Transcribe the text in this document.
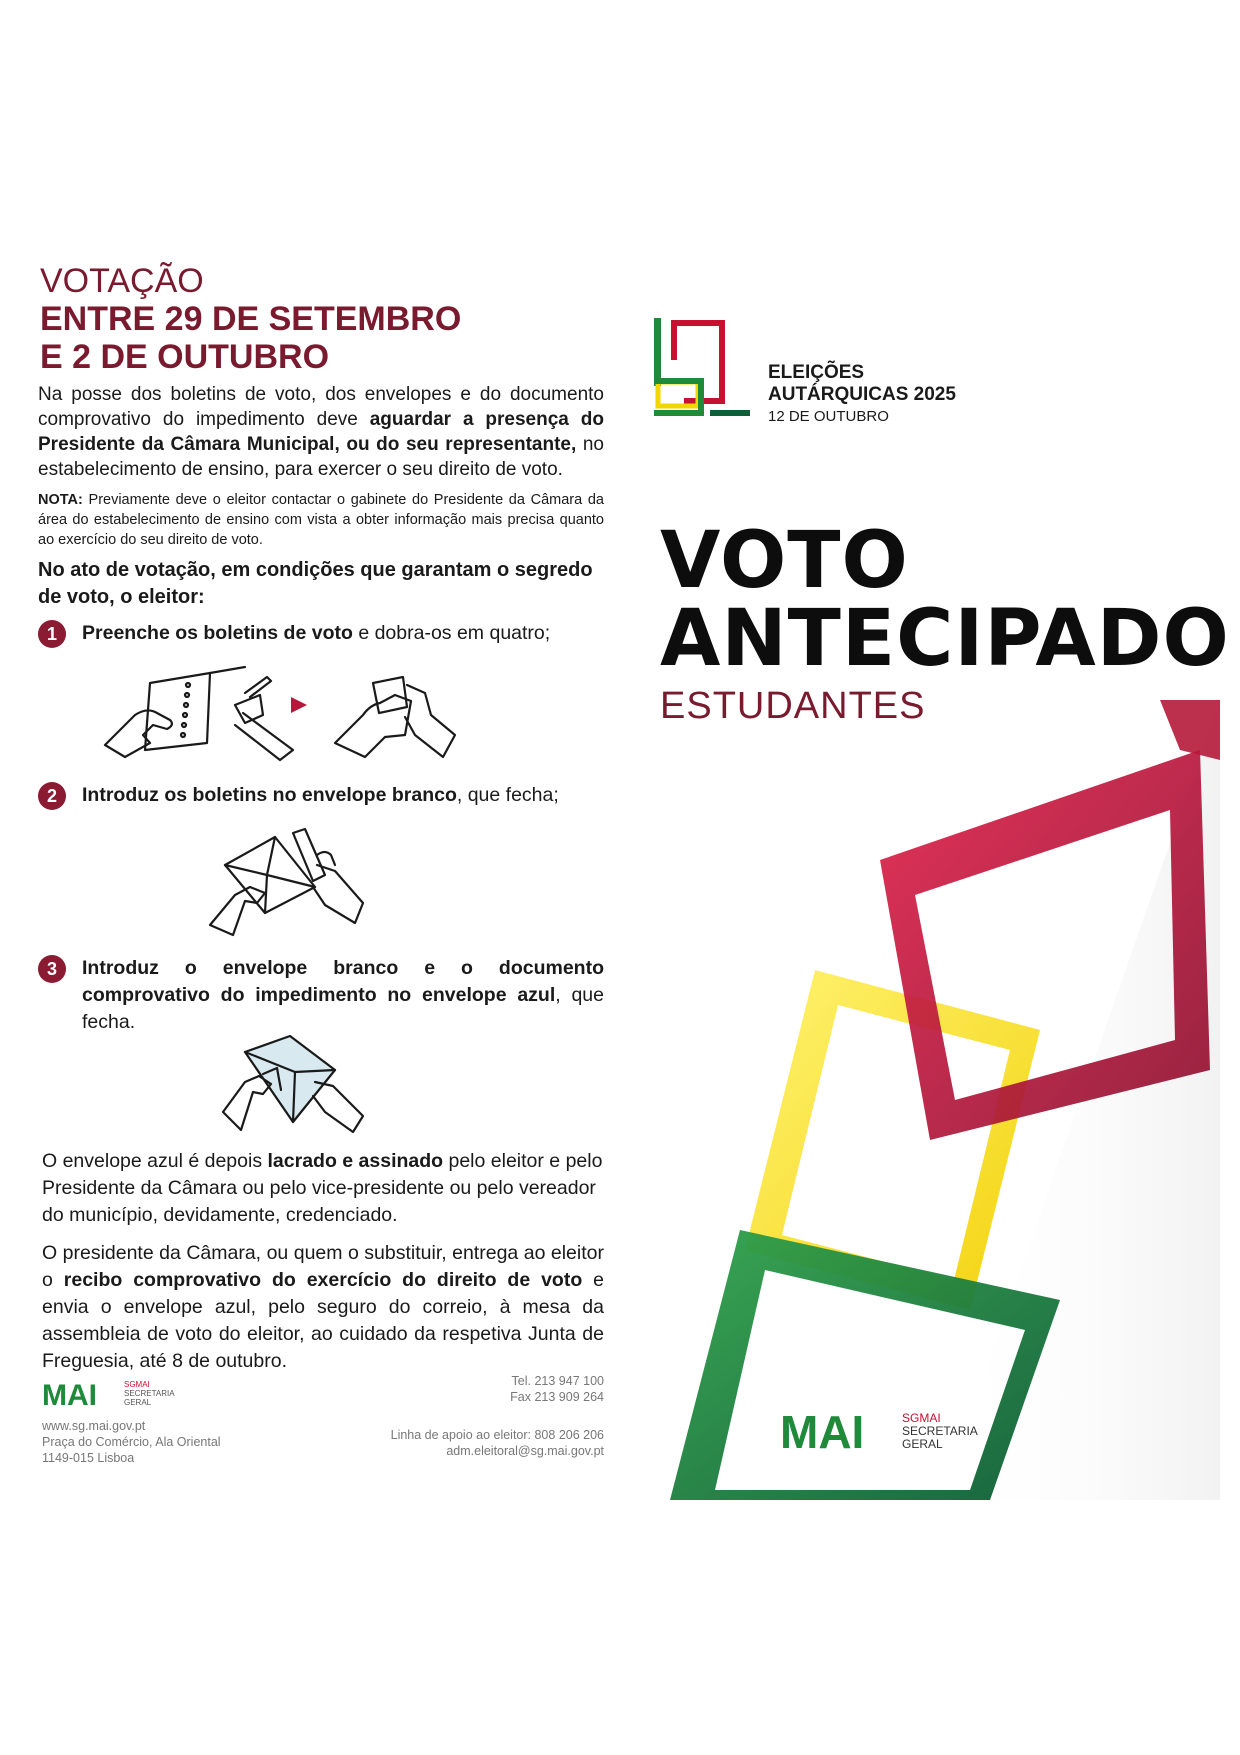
VOTAÇÃO
ENTRE 29 DE SETEMBRO
E 2 DE OUTUBRO
Na posse dos boletins de voto, dos envelopes e do documento comprovativo do impedimento deve aguardar a presença do Presidente da Câmara Municipal, ou do seu representante, no estabelecimento de ensino, para exercer o seu direito de voto.
NOTA: Previamente deve o eleitor contactar o gabinete do Presidente da Câmara da área do estabelecimento de ensino com vista a obter informação mais precisa quanto ao exercício do seu direito de voto.
No ato de votação, em condições que garantam o segredo de voto, o eleitor:
1	Preenche os boletins de voto e dobra-os em quatro;
2	Introduz os boletins no envelope branco, que fecha;
3	Introduz o envelope branco e o documento comprovativo do impedimento no envelope azul, que fecha.
O envelope azul é depois lacrado e assinado pelo eleitor e pelo Presidente da Câmara ou pelo vice-presidente ou pelo vereador do município, devidamente, credenciado.
O presidente da Câmara, ou quem o substituir, entrega ao eleitor o recibo comprovativo do exercício do direito de voto e envia o envelope azul, pelo seguro do correio, à mesa da assembleia de voto do eleitor, ao cuidado da respetiva Junta de Freguesia, até 8 de outubro.
MAI	SGMAI
SECRETARIA
GERAL
www.sg.mai.gov.pt
Praça do Comércio, Ala Oriental
1149-015 Lisboa
Tel. 213 947 100
Fax 213 909 264
Linha de apoio ao eleitor: 808 206 206
adm.eleitoral@sg.mai.gov.pt
ELEIÇÕES
AUTÁRQUICAS 2025
12 DE OUTUBRO
VOTO
ANTECIPADO
ESTUDANTES
MAI	SGMAI
SECRETARIA
GERAL
